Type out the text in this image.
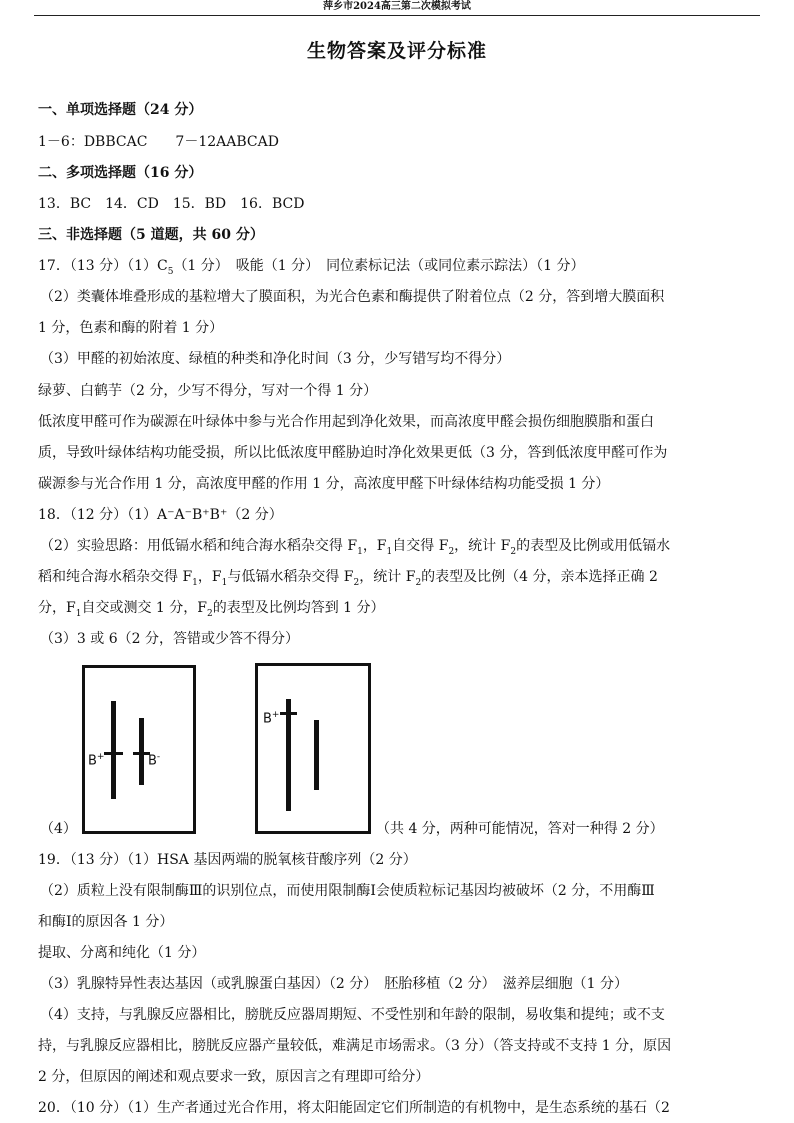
萍乡市2024高三第二次模拟考试
生物答案及评分标准
一、单项选择题（24 分）
1－6：DBBCAC 7－12AABCAD
二、多项选择题（16 分）
13．BC　14．CD　15．BD　16．BCD
三、非选择题（5 道题，共 60 分）
17．（13 分）$(1)C_5(1$ 分）　吸能（1 分）　同位素标记法（或同位素示踪法）（1 分）
（2）类囊体堆叠形成的基粒增大了膜面积，为光合色素和酶提供了附着位点（2 分，答到增大膜面积
1 分，色素和酶的附着 1 分）
（3）甲醛的初始浓度、绿植的种类和净化时间（3 分，少写错写均不得分）
绿萝、白鹤芋（2 分，少写不得分，写对一个得 1 分）
低浓度甲醛可作为碳源在叶绿体中参与光合作用起到净化效果，而高浓度甲醛会损伤细胞膜脂和蛋白
质，导致叶绿体结构功能受损，所以比低浓度甲醛胁迫时净化效果更低（3 分，答到低浓度甲醛可作为
碳源参与光合作用 1 分，高浓度甲醛的作用 1 分，高浓度甲醛下叶绿体结构功能受损 1 分）
18．（12 分）（1）A⁻A⁻B⁺B⁺（2 分）
（2）实验思路：用低镉水稻和纯合海水稻杂交得 $F_1$，$F_1$自交得 $F_2$，统计 $F_2$的表型及比例或用低镉水
稻和纯合海水稻杂交得 $F_1$，$F_1$与低镉水稻杂交得 $F_2$，统计 $F_2$的表型及比例（4 分，亲本选择正确 2
分，$F_1$自交或测交 1 分，$F_2$的表型及比例均答到 1 分）
（3）3 或 6（2 分，答错或少答不得分）
B+	B-
B+
（4）	（共 4 分，两种可能情况，答对一种得 2 分）
19．（13 分）（1）HSA 基因两端的脱氧核苷酸序列（2 分）
（2）质粒上没有限制酶Ⅲ的识别位点，而使用限制酶Ⅰ会使质粒标记基因均被破坏（2 分，不用酶Ⅲ
和酶Ⅰ的原因各 1 分）
提取、分离和纯化（1 分）
（3）乳腺特异性表达基因（或乳腺蛋白基因）（2 分）　胚胎移植（2 分）　滋养层细胞（1 分）
（4）支持，与乳腺反应器相比，膀胱反应器周期短、不受性别和年龄的限制，易收集和提纯；或不支
持，与乳腺反应器相比，膀胱反应器产量较低，难满足市场需求。（3 分）（答支持或不支持 1 分，原因
2 分，但原因的阐述和观点要求一致，原因言之有理即可给分）
20．（10 分）（1）生产者通过光合作用，将太阳能固定它们所制造的有机物中，是生态系统的基石（2
